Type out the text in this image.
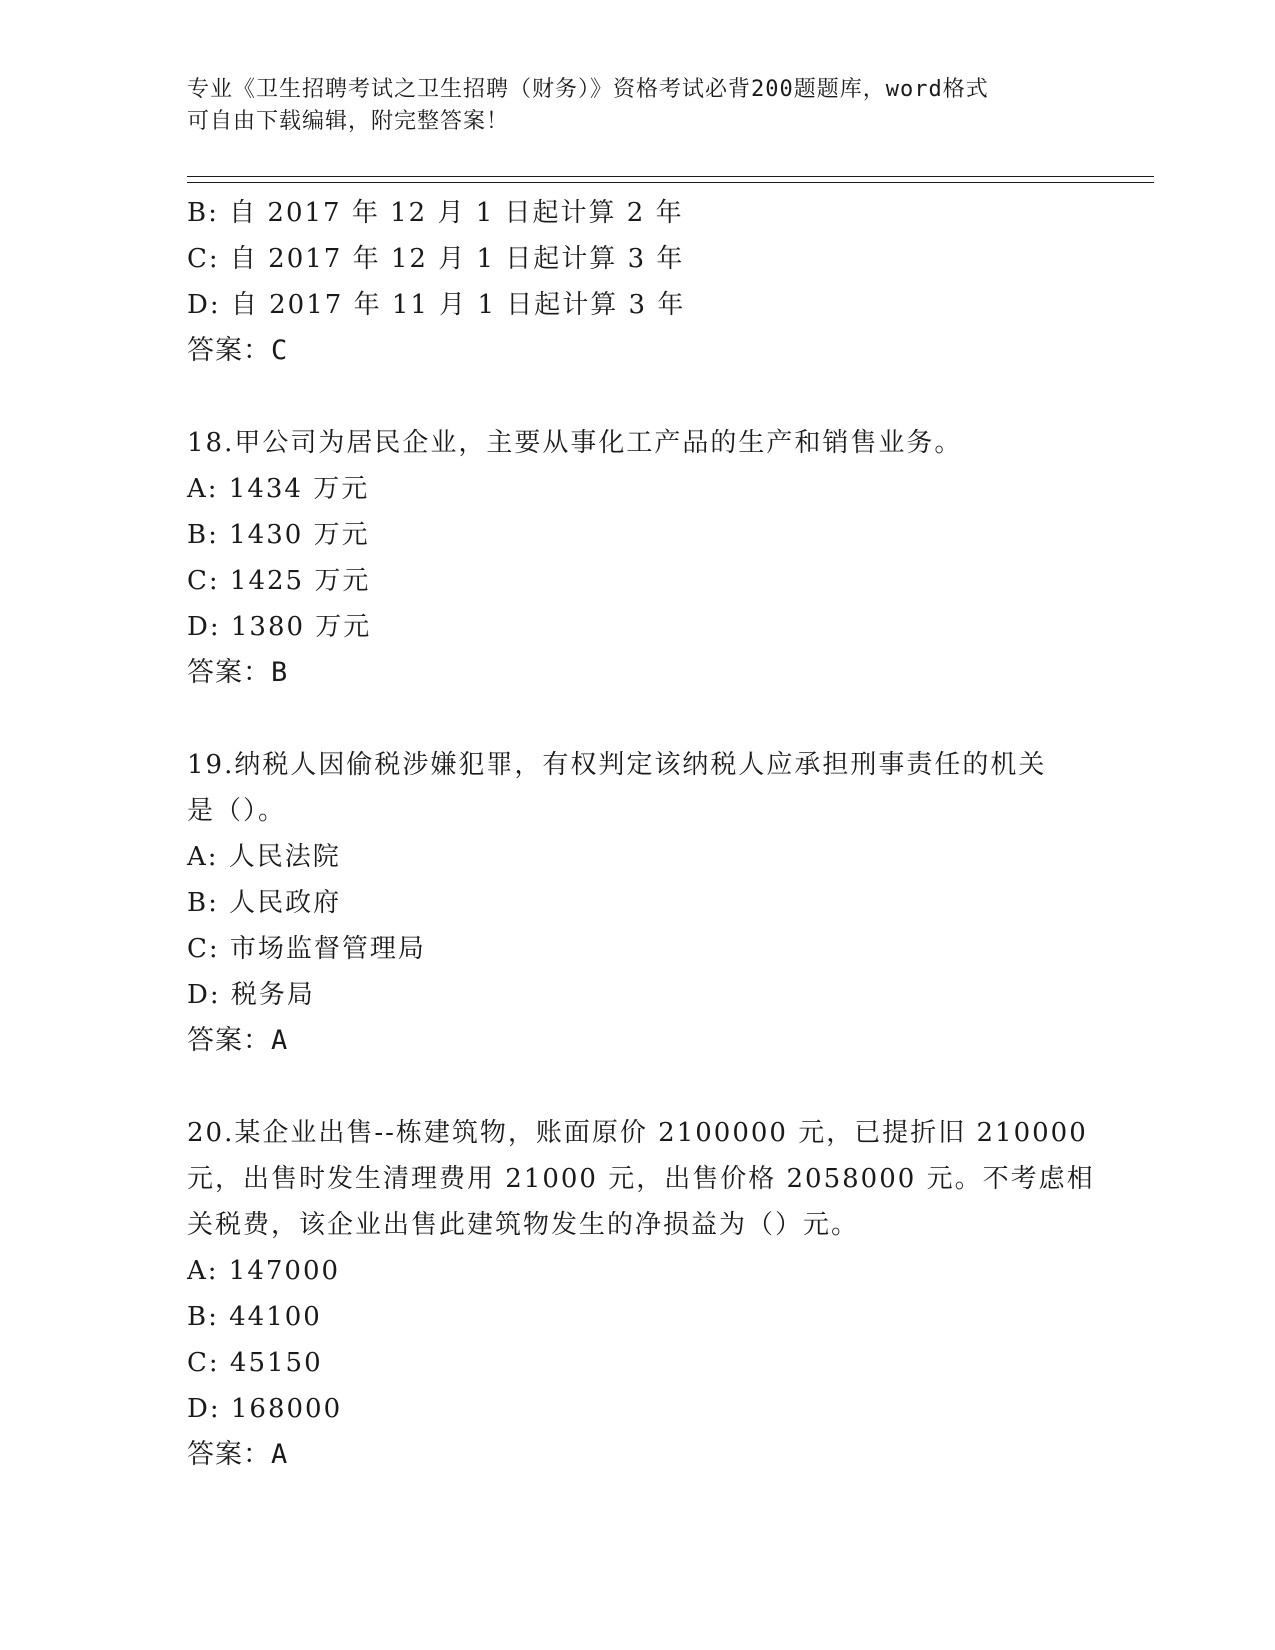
专业《卫生招聘考试之卫生招聘（财务）》资格考试必背200题题库，word格式
可自由下载编辑，附完整答案！
B: 自 2017 年 12 月 1 日起计算 2 年
C: 自 2017 年 12 月 1 日起计算 3 年
D: 自 2017 年 11 月 1 日起计算 3 年
答案：C
18.甲公司为居民企业，主要从事化工产品的生产和销售业务。
A: 1434 万元
B: 1430 万元
C: 1425 万元
D: 1380 万元
答案：B
19.纳税人因偷税涉嫌犯罪，有权判定该纳税人应承担刑事责任的机关
是（）。
A: 人民法院
B: 人民政府
C: 市场监督管理局
D: 税务局
答案：A
20.某企业出售--栋建筑物，账面原价 2100000 元，已提折旧 210000
元，出售时发生清理费用 21000 元，出售价格 2058000 元。不考虑相
关税费，该企业出售此建筑物发生的净损益为（）元。
A: 147000
B: 44100
C: 45150
D: 168000
答案：A
